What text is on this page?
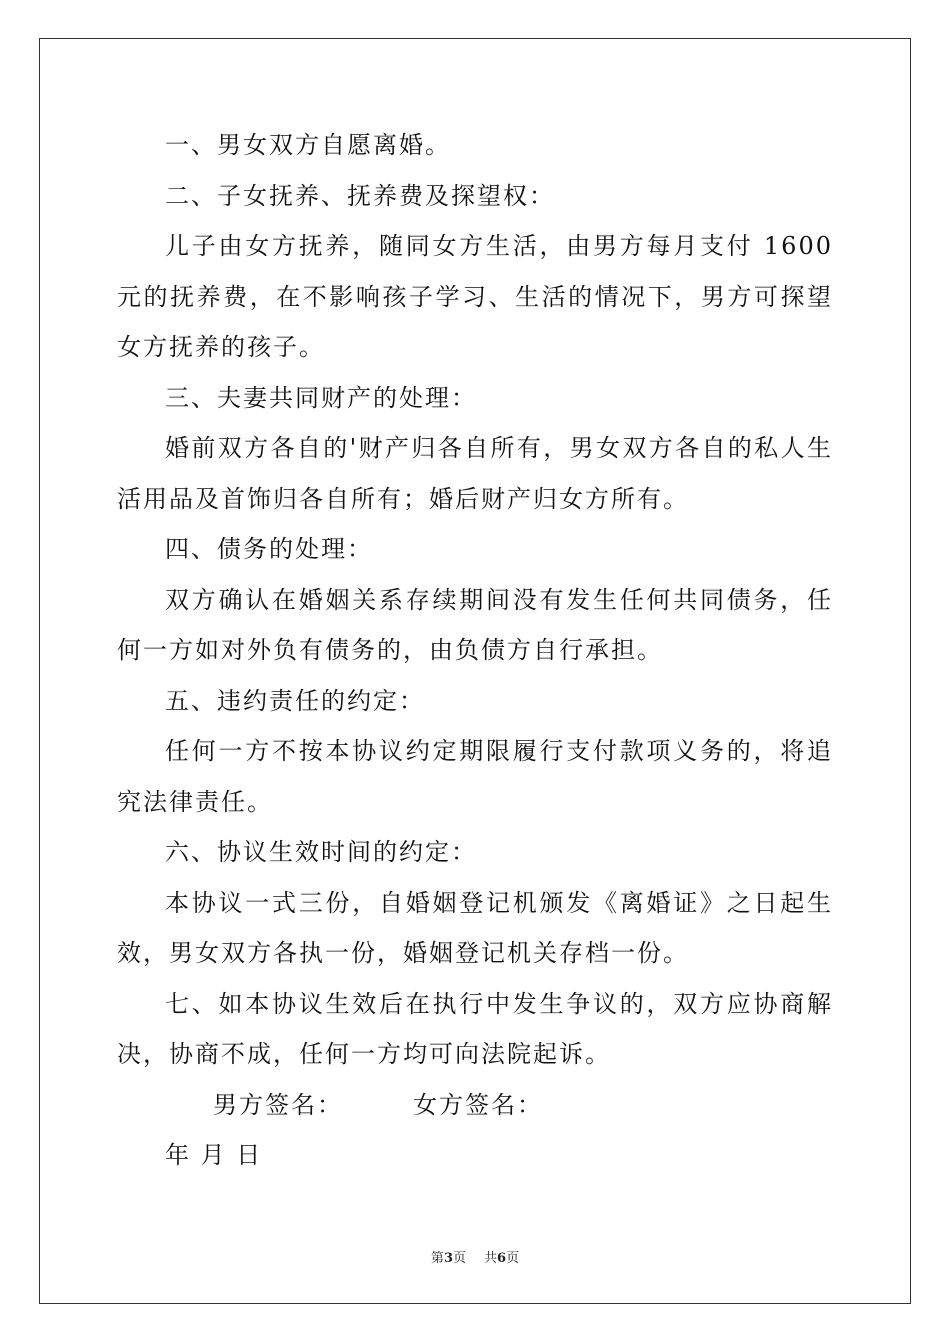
一、男女双方自愿离婚。

二、子女抚养、抚养费及探望权：

儿子由女方抚养，随同女方生活，由男方每月支付 1600 元的抚养费，在不影响孩子学习、生活的情况下，男方可探望女方抚养的孩子。

三、夫妻共同财产的处理：

婚前双方各自的'财产归各自所有，男女双方各自的私人生活用品及首饰归各自所有；婚后财产归女方所有。

四、债务的处理：

双方确认在婚姻关系存续期间没有发生任何共同债务，任何一方如对外负有债务的，由负债方自行承担。

五、违约责任的约定：

任何一方不按本协议约定期限履行支付款项义务的，将追究法律责任。

六、协议生效时间的约定：

本协议一式三份，自婚姻登记机颁发《离婚证》之日起生效，男女双方各执一份，婚姻登记机关存档一份。

七、如本协议生效后在执行中发生争议的，双方应协商解决，协商不成，任何一方均可向法院起诉。

男方签名：	女方签名：

年 月 日

第3页 共6页
